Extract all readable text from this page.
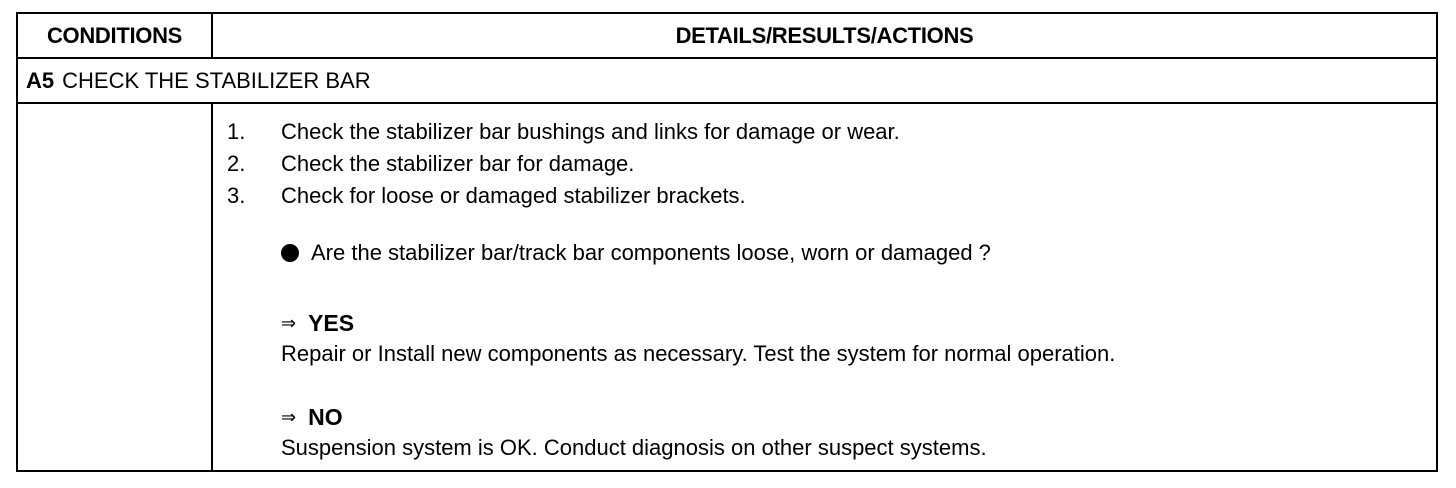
CONDITIONS	DETAILS/RESULTS/ACTIONS
A5 CHECK THE STABILIZER BAR
1. Check the stabilizer bar bushings and links for damage or wear.
2. Check the stabilizer bar for damage.
3. Check for loose or damaged stabilizer brackets.
Are the stabilizer bar/track bar components loose, worn or damaged ?
⇒ YES
Repair or Install new components as necessary. Test the system for normal operation.
⇒ NO
Suspension system is OK. Conduct diagnosis on other suspect systems.
